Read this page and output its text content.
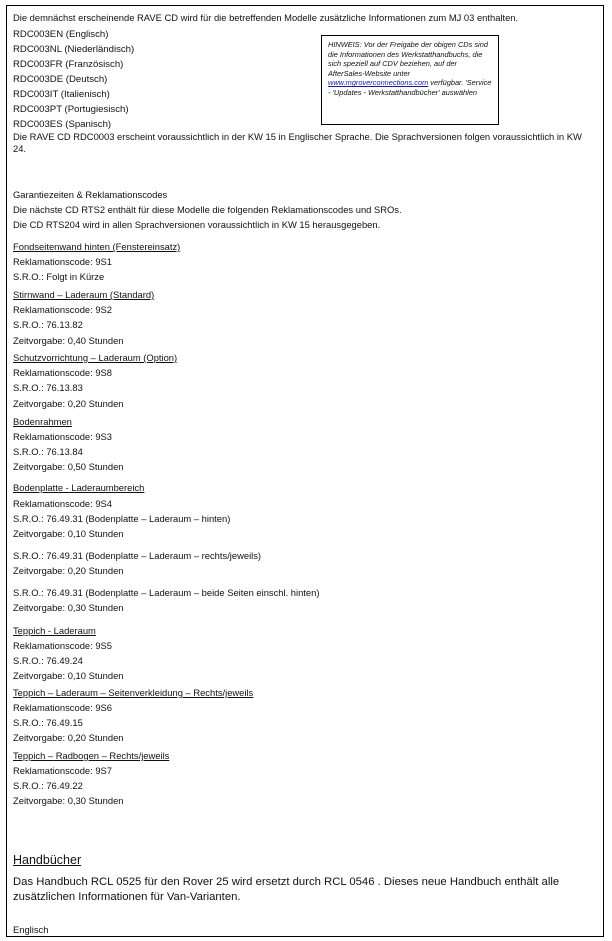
Die demnächst erscheinende RAVE CD wird für die betreffenden Modelle zusätzliche Informationen zum MJ 03 enthalten.

RDC003EN (Englisch)
RDC003NL (Niederländisch)
RDC003FR (Französisch)
RDC003DE (Deutsch)
RDC003IT (Italienisch)
RDC003PT (Portugiesisch)
RDC003ES (Spanisch)
HINWEIS: Vor der Freigabe der obigen CDs sind die Informationen des Werkstatthandbuchs, die sich speziell auf CDV beziehen, auf der AfterSales-Website unter www.mgroverconnections.com verfügbar. 'Service - 'Updates - Werkstatthandbücher' auswählen

Die RAVE CD RDC0003 erscheint voraussichtlich in der KW 15 in Englischer Sprache. Die Sprachversionen folgen voraussichtlich in KW 24.

Garantiezeiten & Reklamationscodes

Die nächste CD RTS2 enthält für diese Modelle die folgenden Reklamationscodes und SROs.

Die CD RTS204 wird in allen Sprachversionen voraussichtlich in KW 15 herausgegeben.

Fondseitenwand hinten (Fenstereinsatz)

Reklamationscode: 9S1

S.R.O.: Folgt in Kürze

Stirnwand – Laderaum (Standard)

Reklamationscode: 9S2

S.R.O.: 76.13.82

Zeitvorgabe: 0,40 Stunden

Schutzvorrichtung – Laderaum (Option)

Reklamationscode: 9S8

S.R.O.: 76.13.83

Zeitvorgabe: 0,20 Stunden

Bodenrahmen

Reklamationscode: 9S3

S.R.O.: 76.13.84

Zeitvorgabe: 0,50 Stunden

Bodenplatte - Laderaumbereich

Reklamationscode: 9S4

S.R.O.: 76.49.31 (Bodenplatte – Laderaum – hinten)

Zeitvorgabe: 0,10 Stunden

S.R.O.: 76.49.31 (Bodenplatte – Laderaum – rechts/jeweils)

Zeitvorgabe: 0,20 Stunden

S.R.O.: 76.49.31 (Bodenplatte – Laderaum – beide Seiten einschl. hinten)

Zeitvorgabe: 0,30 Stunden

Teppich - Laderaum

Reklamationscode: 9S5

S.R.O.: 76.49.24

Zeitvorgabe: 0,10 Stunden

Teppich – Laderaum – Seitenverkleidung – Rechts/jeweils

Reklamationscode: 9S6

S.R.O.: 76.49.15

Zeitvorgabe: 0,20 Stunden

Teppich – Radbogen – Rechts/jeweils

Reklamationscode: 9S7

S.R.O.: 76.49.22

Zeitvorgabe: 0,30 Stunden

Handbücher

Das Handbuch RCL 0525 für den Rover 25 wird ersetzt durch RCL 0546 . Dieses neue Handbuch enthält alle zusätzlichen Informationen für Van-Varianten.

Englisch
